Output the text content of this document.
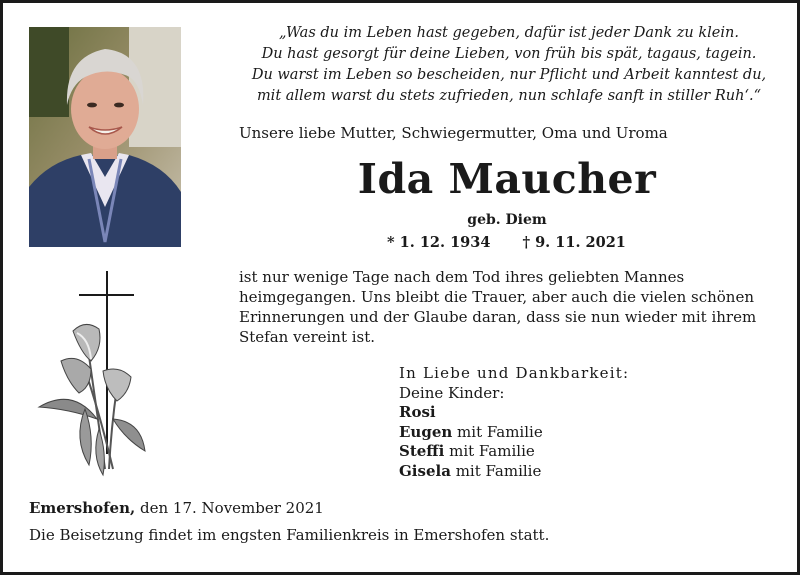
„Was du im Leben hast gegeben, dafür ist jeder Dank zu klein.
Du hast gesorgt für deine Lieben, von früh bis spät, tagaus, tagein.
Du warst im Leben so bescheiden, nur Pflicht und Arbeit kanntest du,
mit allem warst du stets zufrieden, nun schlafe sanft in stiller Ruh‘.“
Unsere liebe Mutter, Schwiegermutter, Oma und Uroma
Ida Maucher
geb. Diem
* 1. 12. 1934 † 9. 11. 2021
ist nur wenige Tage nach dem Tod ihres geliebten Mannes heimgegangen. Uns bleibt die Trauer, aber auch die vielen schönen Erinnerungen und der Glaube daran, dass sie nun wieder mit ihrem Stefan vereint ist.
In Liebe und Dankbarkeit:
Deine Kinder:
Rosi
Eugen mit Familie
Steffi mit Familie
Gisela mit Familie
Emershofen, den 17. November 2021
Die Beisetzung findet im engsten Familienkreis in Emershofen statt.
